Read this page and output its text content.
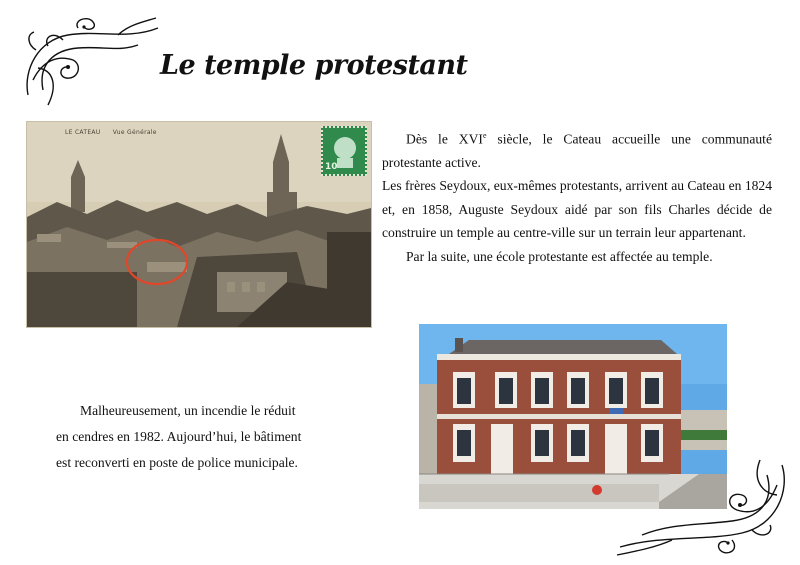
Le temple protestant
LE CATEAU Vue Générale
10

Dès le XVIe siècle, le Cateau accueille une communauté protestante active.

Les frères Seydoux, eux-mêmes protestants, arrivent au Cateau en 1824 et, en 1858, Auguste Seydoux aidé par son fils Charles décide de construire un temple au centre-ville sur un terrain leur appartenant.

Par la suite, une école protestante est affectée au temple.

Malheureusement, un incendie le réduit

en cendres en 1982. Aujourd’hui, le bâtiment

est reconverti en poste de police municipale.
